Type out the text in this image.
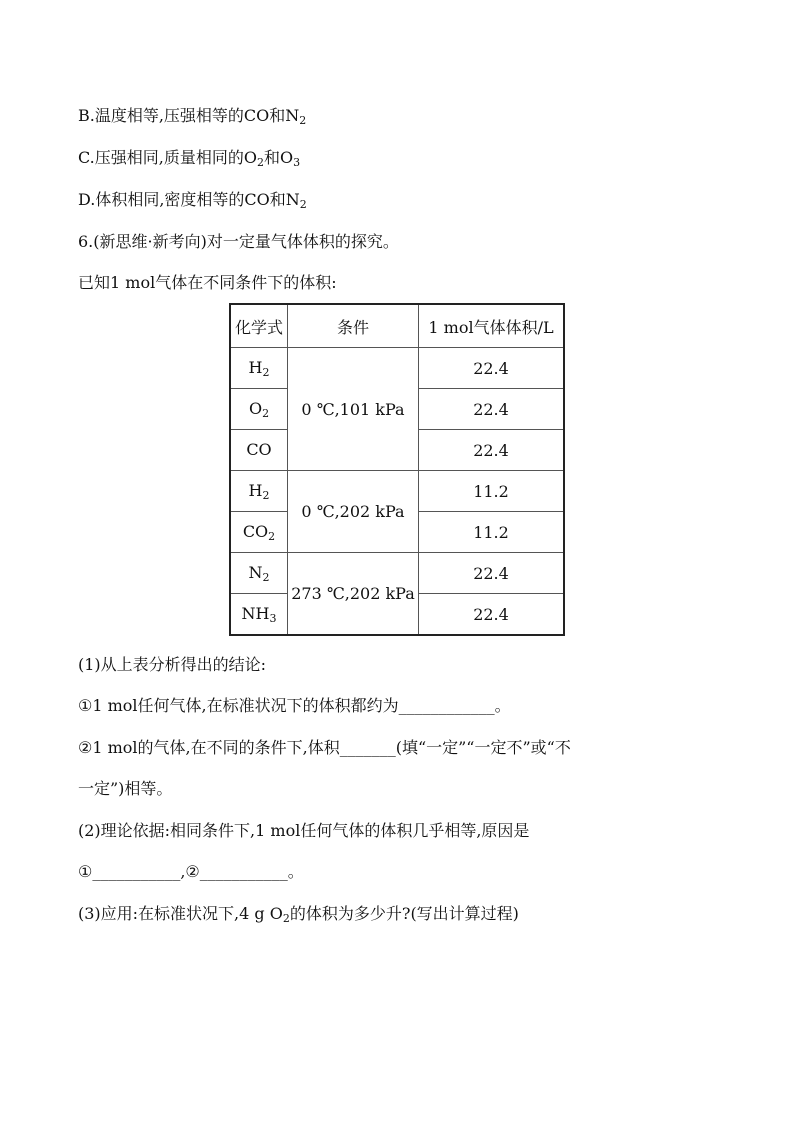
B.温度相等,压强相等的CO和$N_2$
C.压强相同,质量相同的$O_2$和$O_3$
D.体积相同,密度相等的CO和$N_2$
6.(新思维·新考向)对一定量气体体积的探究。
已知1 mol气体在不同条件下的体积:
化学式	条件	1 mol气体体积/L
$H_2$	0 ℃,101 kPa	22.4
$O_2$		22.4
CO		22.4
$H_2$	0 ℃,202 kPa	11.2
$CO_2$		11.2
$N_2$	273 ℃,202 kPa	22.4
$NH_3$		22.4
(1)从上表分析得出的结论:
①1 mol任何气体,在标准状况下的体积都约为____________。
②1 mol的气体,在不同的条件下,体积_______(填“一定”“一定不”或“不
一定”)相等。
(2)理论依据:相同条件下,1 mol任何气体的体积几乎相等,原因是
①___________,②___________。
(3)应用:在标准状况下,4 g $O_2$的体积为多少升?(写出计算过程)
